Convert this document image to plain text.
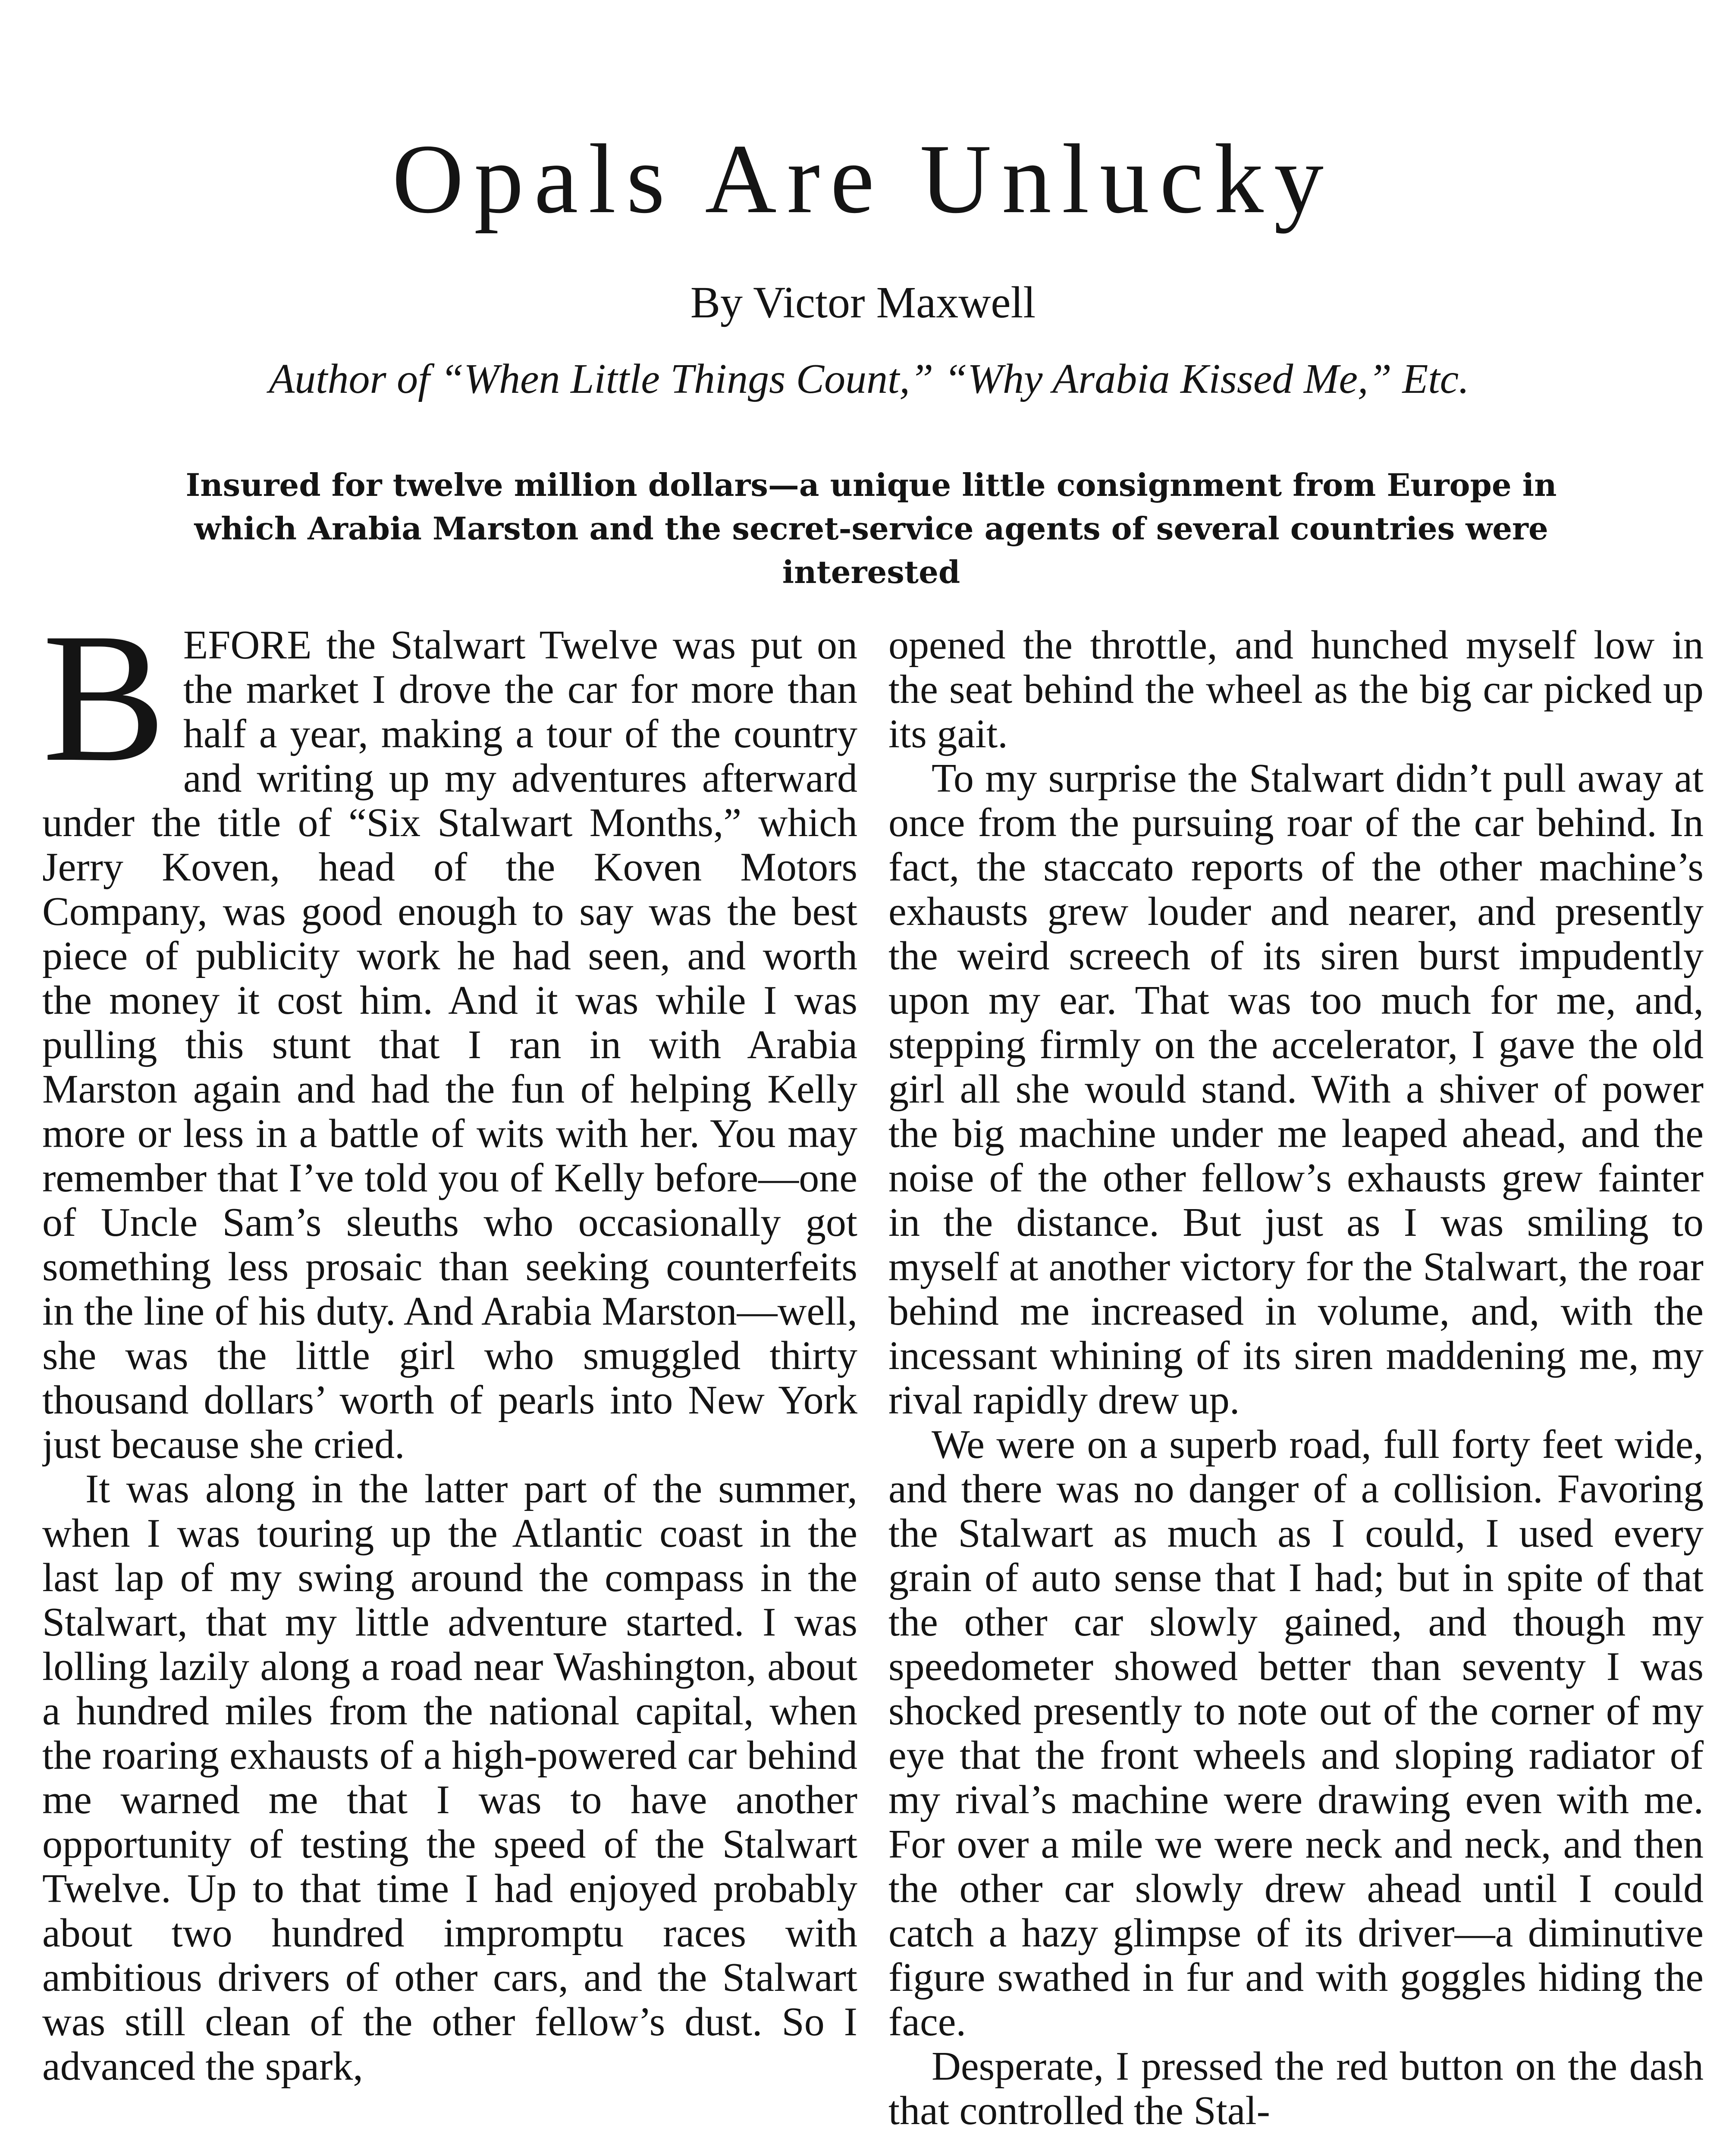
Opals Are Unlucky
By Victor Maxwell
Author of “When Little Things Count,” “Why Arabia Kissed Me,” Etc.
Insured for twelve million dollars—a unique little consignment from Europe in which Arabia Marston and the secret-service agents of several countries were interested

BEFORE the Stalwart Twelve was put on the market I drove the car for more than half a year, making a tour of the country and writing up my adventures afterward under the title of “Six Stalwart Months,” which Jerry Koven, head of the Koven Motors Company, was good enough to say was the best piece of publicity work he had seen, and worth the money it cost him. And it was while I was pulling this stunt that I ran in with Arabia Marston again and had the fun of helping Kelly more or less in a battle of wits with her. You may remember that I’ve told you of Kelly before—one of Uncle Sam’s sleuths who occasionally got something less prosaic than seeking counterfeits in the line of his duty. And Arabia Marston—well, she was the little girl who smuggled thirty thousand dollars’ worth of pearls into New York just because she cried.

It was along in the latter part of the summer, when I was touring up the Atlantic coast in the last lap of my swing around the compass in the Stalwart, that my little adventure started. I was lolling lazily along a road near Washington, about a hundred miles from the national capital, when the roaring exhausts of a high-powered car behind me warned me that I was to have another opportunity of testing the speed of the Stalwart Twelve. Up to that time I had enjoyed probably about two hundred impromptu races with ambitious drivers of other cars, and the Stalwart was still clean of the other fellow’s dust. So I advanced the spark,

opened the throttle, and hunched myself low in the seat behind the wheel as the big car picked up its gait.

To my surprise the Stalwart didn’t pull away at once from the pursuing roar of the car behind. In fact, the staccato reports of the other machine’s exhausts grew louder and nearer, and presently the weird screech of its siren burst impudently upon my ear. That was too much for me, and, stepping firmly on the accelerator, I gave the old girl all she would stand. With a shiver of power the big machine under me leaped ahead, and the noise of the other fellow’s exhausts grew fainter in the distance. But just as I was smiling to myself at another victory for the Stalwart, the roar behind me increased in volume, and, with the incessant whining of its siren maddening me, my rival rapidly drew up.

We were on a superb road, full forty feet wide, and there was no danger of a collision. Favoring the Stalwart as much as I could, I used every grain of auto sense that I had; but in spite of that the other car slowly gained, and though my speedometer showed better than seventy I was shocked presently to note out of the corner of my eye that the front wheels and sloping radiator of my rival’s machine were drawing even with me. For over a mile we were neck and neck, and then the other car slowly drew ahead until I could catch a hazy glimpse of its driver—a diminutive figure swathed in fur and with goggles hiding the face.

Desperate, I pressed the red button on the dash that controlled the Stal-
